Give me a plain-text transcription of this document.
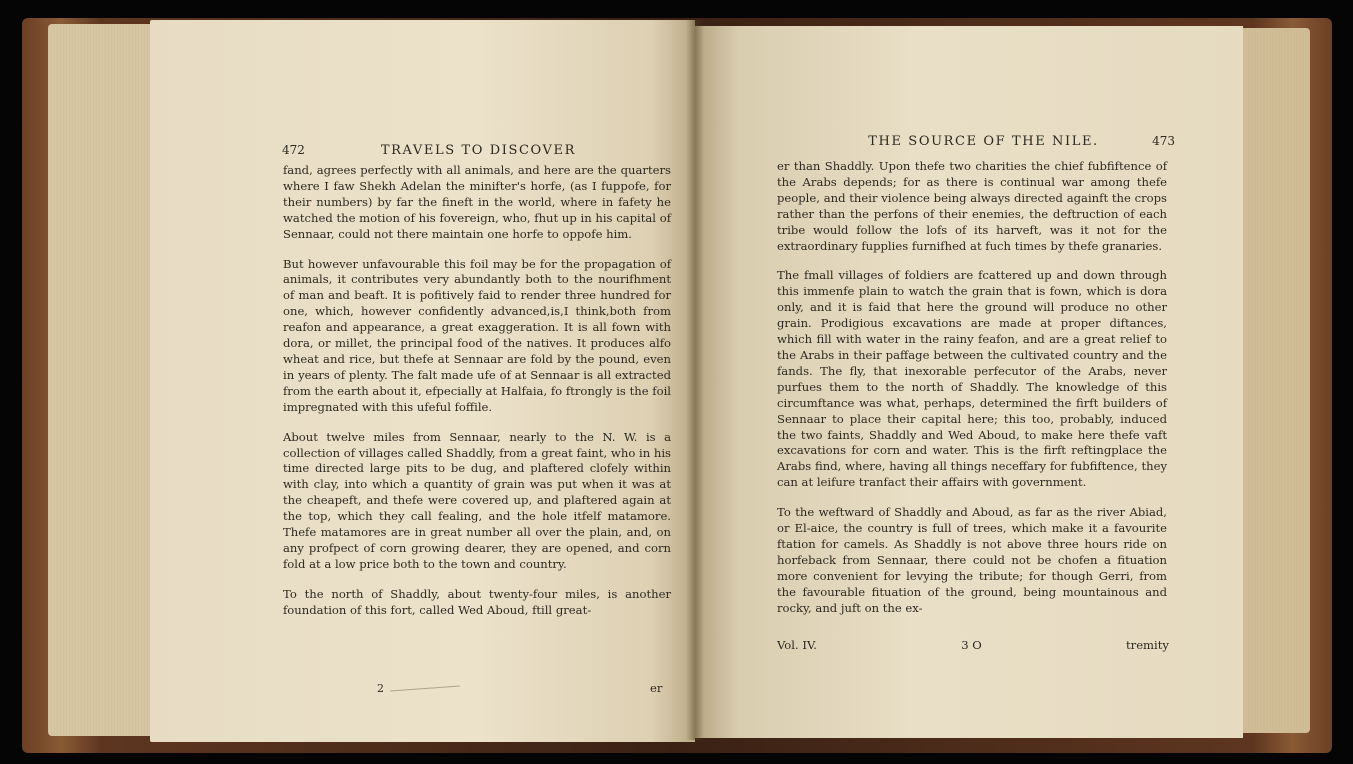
472	TRAVELS TO DISCOVER

fand, agrees perfectly with all animals, and here are the quarters where I faw Shekh Adelan the minifter's horfe, (as I fuppofe, for their numbers) by far the fineft in the world, where in fafety he watched the motion of his fovereign, who, fhut up in his capital of Sennaar, could not there maintain one horfe to oppofe him.

But however unfavourable this foil may be for the propagation of animals, it contributes very abundantly both to the nourifhment of man and beaft. It is pofitively faid to render three hundred for one, which, however confidently advanced,is,I think,both from reafon and appearance, a great exaggeration. It is all fown with dora, or millet, the principal food of the natives. It produces alfo wheat and rice, but thefe at Sennaar are fold by the pound, even in years of plenty. The falt made ufe of at Sennaar is all extracted from the earth about it, efpecially at Halfaia, fo ftrongly is the foil impregnated with this ufeful foffile.

About twelve miles from Sennaar, nearly to the N. W. is a collection of villages called Shaddly, from a great faint, who in his time directed large pits to be dug, and plaftered clofely within with clay, into which a quantity of grain was put when it was at the cheapeft, and thefe were covered up, and plaftered again at the top, which they call fealing, and the hole itfelf matamore. Thefe matamores are in great number all over the plain, and, on any profpect of corn growing dearer, they are opened, and corn fold at a low price both to the town and country.

To the north of Shaddly, about twenty-four miles, is another foundation of this fort, called Wed Aboud, ftill great-

2	er
THE SOURCE OF THE NILE.	473

er than Shaddly. Upon thefe two charities the chief fubfiftence of the Arabs depends; for as there is continual war among thefe people, and their violence being always directed againft the crops rather than the perfons of their enemies, the deftruction of each tribe would follow the lofs of its harveft, was it not for the extraordinary fupplies furnifhed at fuch times by thefe granaries.

The fmall villages of foldiers are fcattered up and down through this immenfe plain to watch the grain that is fown, which is dora only, and it is faid that here the ground will produce no other grain. Prodigious excavations are made at proper diftances, which fill with water in the rainy feafon, and are a great relief to the Arabs in their paffage between the cultivated country and the fands. The fly, that inexorable perfecutor of the Arabs, never purfues them to the north of Shaddly. The knowledge of this circumftance was what, perhaps, determined the firft builders of Sennaar to place their capital here; this too, probably, induced the two faints, Shaddly and Wed Aboud, to make here thefe vaft excavations for corn and water. This is the firft reftingplace the Arabs find, where, having all things neceffary for fubfiftence, they can at leifure tranfact their affairs with government.

To the weftward of Shaddly and Aboud, as far as the river Abiad, or El-aice, the country is full of trees, which make it a favourite ftation for camels. As Shaddly is not above three hours ride on horfeback from Sennaar, there could not be chofen a fituation more convenient for levying the tribute; for though Gerri, from the favourable fituation of the ground, being mountainous and rocky, and juft on the ex-

Vol. IV.	3 O	tremity
